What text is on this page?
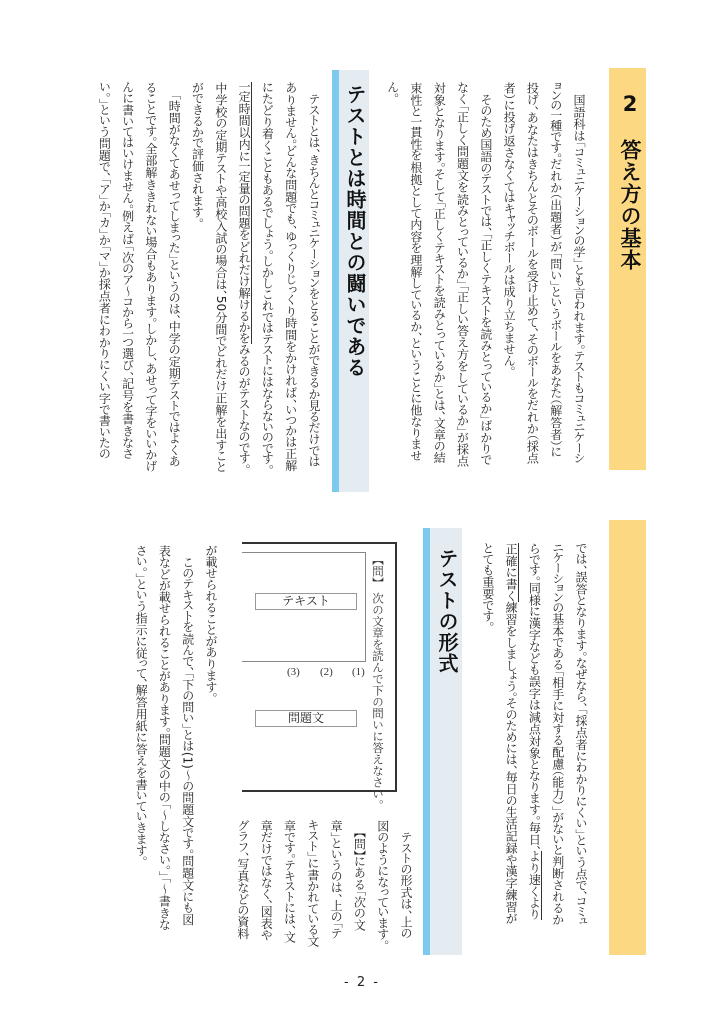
2　答え方の基本
　国語科は「コミュニケーションの学」とも言われます。テストもコミュニケーシ
ョンの一種です。だれか（出題者）が「問い」というボールをあなた（解答者）に
投げ、あなたはきちんとそのボールを受け止めて、そのボールをだれか（採点
者）に投げ返さなくてはキャッチボールは成り立ちません。
　そのため国語のテストでは、「正しくテキストを読みとっているか」ばかりで
なく「正しく問題文を読みとっているか」「正しい答え方をしているか」が採点
対象となります。そして「正しくテキストを読みとっているか」とは、文章の結
束性と一貫性を根拠として内容を理解しているか、ということに他なりませ
ん。
では、誤答となります。なぜなら、「採点者にわかりにくい」という点で、コミュ
ニケーションの基本である「相手に対する配慮（能力）」がないと判断されるか
らです。同様に漢字なども誤字は減点対象となります。毎日、より速くより
正確に書く練習をしましょう。そのためには、毎日の生活記録や漢字練習が
とても重要です。
テストとは時間との闘いである
　テストとは、きちんとコミュニケーションをとることができるか見るだけでは
ありません。どんな問題でも、ゆっくりじっくり時間をかければ、いつかは正解
にたどり着くこともあるでしょう。しかしこれではテストにはならないのです。
一定時間以内に一定量の問題をどれだけ解けるかをみるのがテストなのです。
中学校の定期テストや高校入試の場合は、50分間でどれだけ正解を出すこと
ができるかで評価されます。
　「時間がなくてあせってしまった」というのは、中学の定期テストではよくあ
ることです。全部解ききれない場合もあります。しかし、あせって字をいいかげ
んに書いてはいけません。例えば「次のア～コから一つ選び、記号を書きなさ
い。」という問題で、「ア」か「カ」か「マ」か採点者にわかりにくい字で書いたの
テストの形式
　テストの形式は、上の
図のようになっています。
　【問】にある「次の文
章」というのは、上の「テ
キスト」に書かれている文
章です。テキストには、文
章だけではなく、図表や
グラフ、写真などの資料
が載せられることがあります。
　このテキストを読んで、「下の問い」とは(1)～の問題文です。問題文にも図
表などが載せられることがあります。問題文の中の「～しなさい。」「～書きな
さい。」という指示に従って、解答用紙に答えを書いていきます。	【問】 次の文章を読んで下の問いに答えなさい。
テキスト
問題文
(1)
(2)
(3)
- 2 -
